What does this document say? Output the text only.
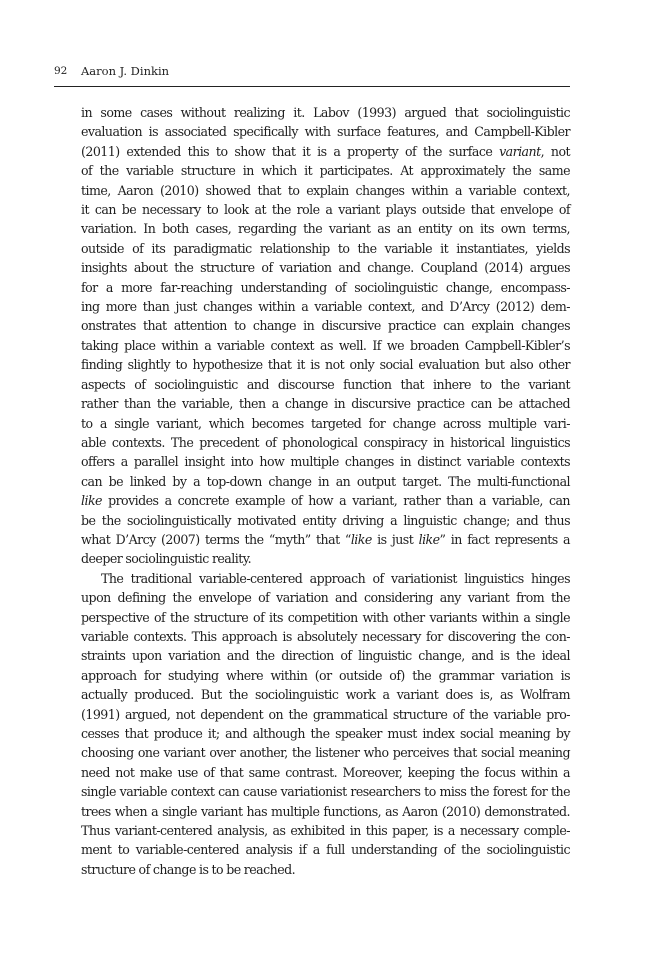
92 Aaron J. Dinkin
in some cases without realizing it. Labov (1993) argued that sociolinguistic
evaluation is associated specifically with surface features, and Campbell-Kibler
(2011) extended this to show that it is a property of the surface variant, not
of the variable structure in which it participates. At approximately the same
time, Aaron (2010) showed that to explain changes within a variable context,
it can be necessary to look at the role a variant plays outside that envelope of
variation. In both cases, regarding the variant as an entity on its own terms,
outside of its paradigmatic relationship to the variable it instantiates, yields
insights about the structure of variation and change. Coupland (2014) argues
for a more far-reaching understanding of sociolinguistic change, encompass-
ing more than just changes within a variable context, and D’Arcy (2012) dem-
onstrates that attention to change in discursive practice can explain changes
taking place within a variable context as well. If we broaden Campbell-Kibler’s
finding slightly to hypothesize that it is not only social evaluation but also other
aspects of sociolinguistic and discourse function that inhere to the variant
rather than the variable, then a change in discursive practice can be attached
to a single variant, which becomes targeted for change across multiple vari-
able contexts. The precedent of phonological conspiracy in historical linguistics
offers a parallel insight into how multiple changes in distinct variable contexts
can be linked by a top-down change in an output target. The multi-functional
like provides a concrete example of how a variant, rather than a variable, can
be the sociolinguistically motivated entity driving a linguistic change; and thus
what D’Arcy (2007) terms the “myth” that “like is just like” in fact represents a
deeper sociolinguistic reality.
The traditional variable-centered approach of variationist linguistics hinges
upon defining the envelope of variation and considering any variant from the
perspective of the structure of its competition with other variants within a single
variable contexts. This approach is absolutely necessary for discovering the con-
straints upon variation and the direction of linguistic change, and is the ideal
approach for studying where within (or outside of) the grammar variation is
actually produced. But the sociolinguistic work a variant does is, as Wolfram
(1991) argued, not dependent on the grammatical structure of the variable pro-
cesses that produce it; and although the speaker must index social meaning by
choosing one variant over another, the listener who perceives that social meaning
need not make use of that same contrast. Moreover, keeping the focus within a
single variable context can cause variationist researchers to miss the forest for the
trees when a single variant has multiple functions, as Aaron (2010) demonstrated.
Thus variant-centered analysis, as exhibited in this paper, is a necessary comple-
ment to variable-centered analysis if a full understanding of the sociolinguistic
structure of change is to be reached.
